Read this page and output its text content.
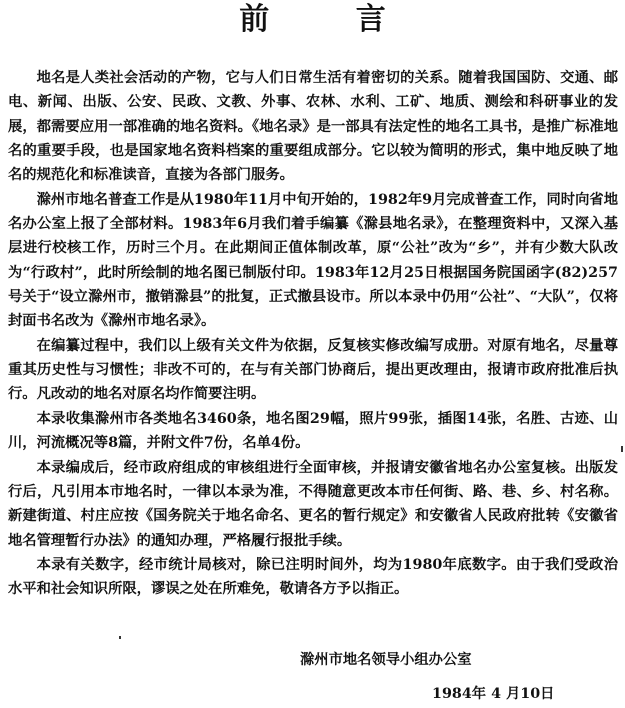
前 言

地名是人类社会活动的产物，它与人们日常生活有着密切的关系。随着我国国防、交通、邮电、新闻、出版、公安、民政、文教、外事、农林、水利、工矿、地质、测绘和科研事业的发展，都需要应用一部准确的地名资料。《地名录》是一部具有法定性的地名工具书，是推广标准地名的重要手段，也是国家地名资料档案的重要组成部分。它以较为简明的形式，集中地反映了地名的规范化和标准读音，直接为各部门服务。

滁州市地名普查工作是从1980年11月中旬开始的，1982年9月完成普查工作，同时向省地名办公室上报了全部材料。1983年6月我们着手编纂《滁县地名录》，在整理资料中，又深入基层进行校核工作，历时三个月。在此期间正值体制改革，原“公社”改为“乡”，并有少数大队改为“行政村”，此时所绘制的地名图已制版付印。1983年12月25日根据国务院国函字(82)257号关于“设立滁州市，撤销滁县”的批复，正式撤县设市。所以本录中仍用“公社”、“大队”，仅将封面书名改为《滁州市地名录》。

在编纂过程中，我们以上级有关文件为依据，反复核实修改编写成册。对原有地名，尽量尊重其历史性与习惯性；非改不可的，在与有关部门协商后，提出更改理由，报请市政府批准后执行。凡改动的地名对原名均作简要注明。

本录收集滁州市各类地名3460条，地名图29幅，照片99张，插图14张，名胜、古迹、山川，河流概况等8篇，并附文件7份，名单4份。

本录编成后，经市政府组成的审核组进行全面审核，并报请安徽省地名办公室复核。出版发行后，凡引用本市地名时，一律以本录为准，不得随意更改本市任何街、路、巷、乡、村名称。新建街道、村庄应按《国务院关于地名命名、更名的暂行规定》和安徽省人民政府批转《安徽省地名管理暂行办法》的通知办理，严格履行报批手续。

本录有关数字，经市统计局核对，除已注明时间外，均为1980年底数字。由于我们受政治水平和社会知识所限，谬误之处在所难免，敬请各方予以指正。

滁州市地名领导小组办公室
1984年 4 月10日
